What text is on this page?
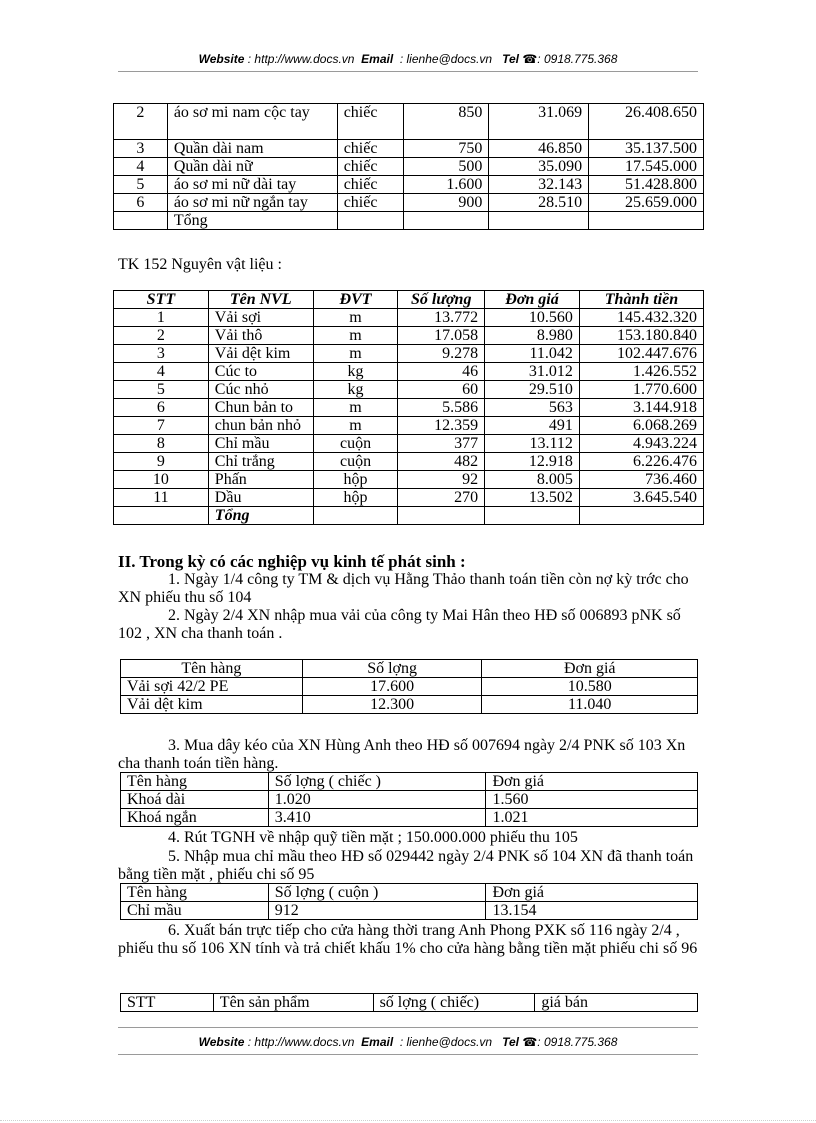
Website : http://www.docs.vn Email : lienhe@docs.vn Tel ☎: 0918.775.368
2	áo sơ mi nam cộc tay	chiếc	850	31.069	26.408.650
3	Quần dài nam	chiếc	750	46.850	35.137.500
4	Quần dài nữ	chiếc	500	35.090	17.545.000
5	áo sơ mi nữ dài tay	chiếc	1.600	32.143	51.428.800
6	áo sơ mi nữ ngắn tay	chiếc	900	28.510	25.659.000
	Tổng				
TK 152 Nguyên vật liệu :
STT	Tên NVL	ĐVT	Số lượng	Đơn giá	Thành tiền
1	Vải sợi	m	13.772	10.560	145.432.320
2	Vải thô	m	17.058	8.980	153.180.840
3	Vải dệt kim	m	9.278	11.042	102.447.676
4	Cúc to	kg	46	31.012	1.426.552
5	Cúc nhỏ	kg	60	29.510	1.770.600
6	Chun bản to	m	5.586	563	3.144.918
7	chun bản nhỏ	m	12.359	491	6.068.269
8	Chỉ mầu	cuộn	377	13.112	4.943.224
9	Chỉ trắng	cuộn	482	12.918	6.226.476
10	Phấn	hộp	92	8.005	736.460
11	Dầu	hộp	270	13.502	3.645.540
	Tổng				
II. Trong kỳ có các nghiệp vụ kinh tế phát sinh :
1. Ngày 1/4 công ty TM & dịch vụ Hằng Thảo thanh toán tiền còn nợ kỳ trớc cho XN phiếu thu số 104
2. Ngày 2/4 XN nhập mua vải của công ty Mai Hân theo HĐ số 006893 pNK số 102 , XN cha thanh toán .
Tên hàng	Số lợng	Đơn giá
Vải sợi 42/2 PE	17.600	10.580
Vải dệt kim	12.300	11.040
3. Mua dây kéo của XN Hùng Anh theo HĐ số 007694 ngày 2/4 PNK số 103 Xn cha thanh toán tiền hàng.
Tên hàng	Số lợng ( chiếc )	Đơn giá
Khoá dài	1.020	1.560
Khoá ngắn	3.410	1.021
4. Rút TGNH về nhập quỹ tiền mặt ; 150.000.000 phiếu thu 105
5. Nhập mua chỉ mầu theo HĐ số 029442 ngày 2/4 PNK số 104 XN đã thanh toán bằng tiền mặt , phiếu chi số 95
Tên hàng	Số lợng ( cuộn )	Đơn giá
Chỉ mầu	912	13.154
6. Xuất bán trực tiếp cho cửa hàng thời trang Anh Phong PXK số 116 ngày 2/4 , phiếu thu số 106 XN tính và trả chiết khấu 1% cho cửa hàng bằng tiền mặt phiếu chi số 96
STT	Tên sản phẩm	số lợng ( chiếc)	giá bán
Website : http://www.docs.vn Email : lienhe@docs.vn Tel ☎: 0918.775.368
